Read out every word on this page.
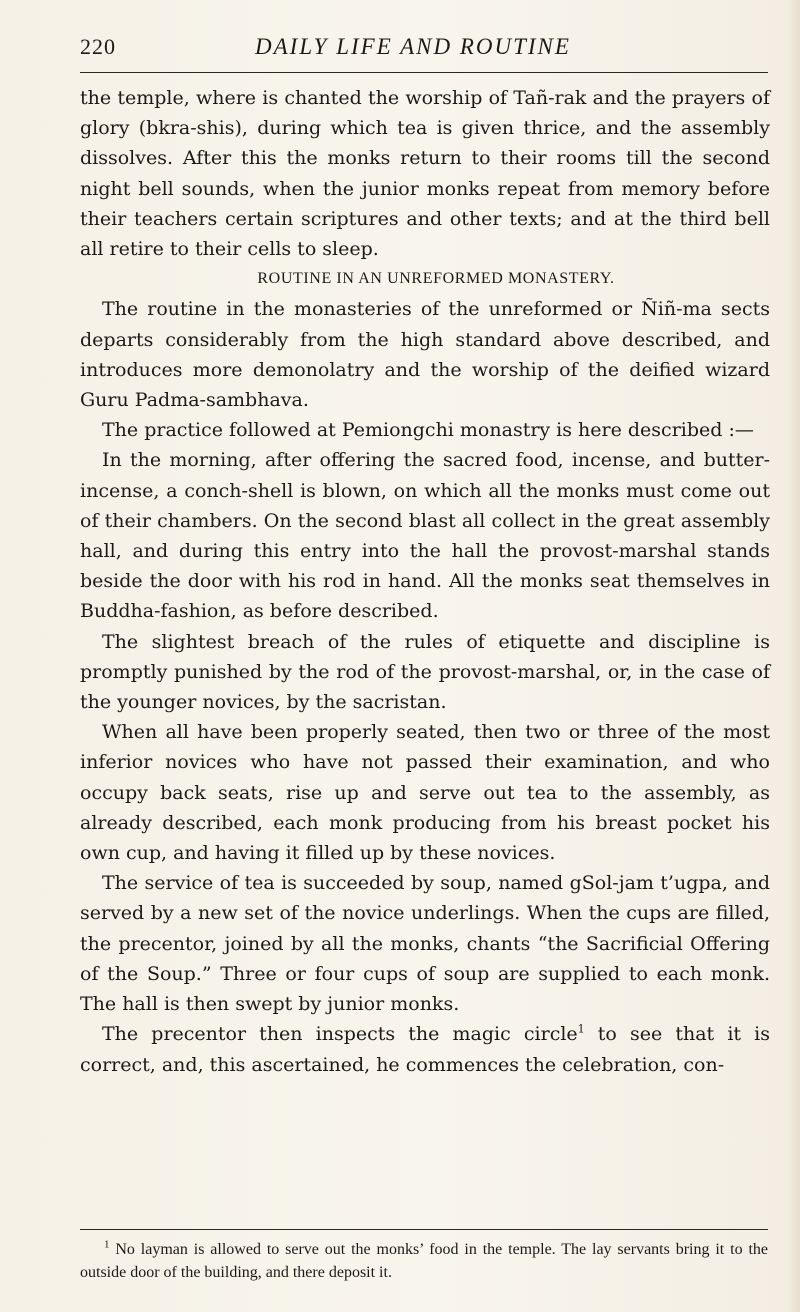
220	DAILY LIFE AND ROUTINE

the temple, where is chanted the worship of Tañ-rak and the prayers of glory (bkra-shis), during which tea is given thrice, and the assembly dissolves. After this the monks return to their rooms till the second night bell sounds, when the junior monks repeat from memory before their teachers certain scriptures and other texts; and at the third bell all retire to their cells to sleep.

ROUTINE IN AN UNREFORMED MONASTERY.

The routine in the monasteries of the unreformed or Ñiñ-ma sects departs considerably from the high standard above described, and introduces more demonolatry and the worship of the deified wizard Guru Padma-sambhava.

The practice followed at Pemiongchi monastry is here described :—

In the morning, after offering the sacred food, incense, and butter-incense, a conch-shell is blown, on which all the monks must come out of their chambers. On the second blast all collect in the great assembly hall, and during this entry into the hall the provost-marshal stands beside the door with his rod in hand. All the monks seat themselves in Buddha-fashion, as before described.

The slightest breach of the rules of etiquette and discipline is promptly punished by the rod of the provost-marshal, or, in the case of the younger novices, by the sacristan.

When all have been properly seated, then two or three of the most inferior novices who have not passed their examination, and who occupy back seats, rise up and serve out tea to the assembly, as already described, each monk producing from his breast pocket his own cup, and having it filled up by these novices.

The service of tea is succeeded by soup, named gSol-jam t’ugpa, and served by a new set of the novice underlings. When the cups are filled, the precentor, joined by all the monks, chants “the Sacrificial Offering of the Soup.” Three or four cups of soup are supplied to each monk. The hall is then swept by junior monks.

The precentor then inspects the magic circle$^1$ to see that it is correct, and, this ascertained, he commences the celebration, con-

$^1$ No layman is allowed to serve out the monks’ food in the temple. The lay servants bring it to the outside door of the building, and there deposit it.
